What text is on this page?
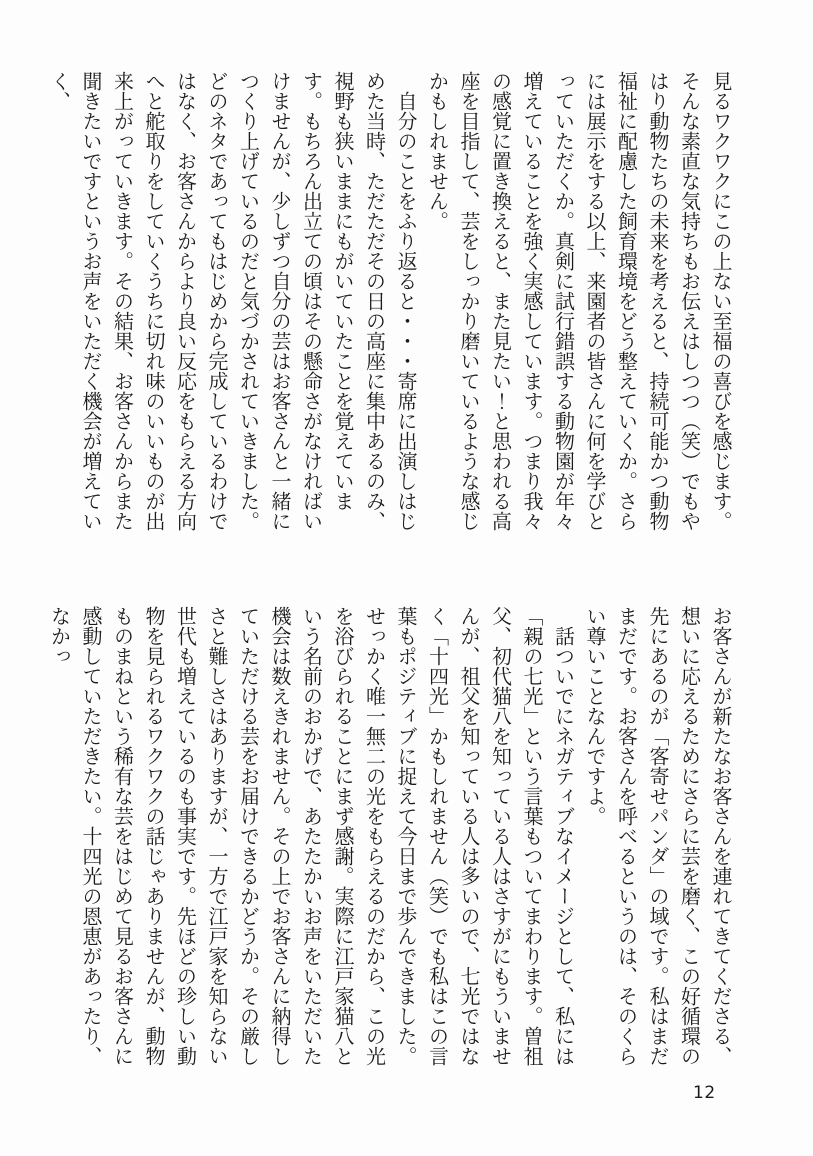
見るワクワクにこの上ない至福の喜びを感じます。そんな素直な気持ちもお伝えはしつつ（笑）でもやはり動物たちの未来を考えると、持続可能かつ動物福祉に配慮した飼育環境をどう整えていくか。さらには展示をする以上、来園者の皆さんに何を学びとっていただくか。真剣に試行錯誤する動物園が年々増えていることを強く実感しています。つまり我々の感覚に置き換えると、また見たい！と思われる高座を目指して、芸をしっかり磨いているような感じかもしれません。

　自分のことをふり返ると・・・寄席に出演しはじめた当時、ただただその日の高座に集中あるのみ、視野も狭いままにもがいていたことを覚えています。もちろん出立ての頃はその懸命さがなければいけませんが、少しずつ自分の芸はお客さんと一緒につくり上げているのだと気づかされていきました。どのネタであってもはじめから完成しているわけではなく、お客さんからより良い反応をもらえる方向へと舵取りをしていくうちに切れ味のいいものが出来上がっていきます。その結果、お客さんからまた聞きたいですというお声をいただく機会が増えていく、

お客さんが新たなお客さんを連れてきてくださる、想いに応えるためにさらに芸を磨く、この好循環の先にあるのが「客寄せパンダ」の域です。私はまだまだです。お客さんを呼べるというのは、そのくらい尊いことなんですよ。

　話ついでにネガティブなイメージとして、私には「親の七光」という言葉もついてまわります。曽祖父、初代猫八を知っている人はさすがにもういませんが、祖父を知っている人は多いので、七光ではなく「十四光」かもしれません（笑）でも私はこの言葉もポジティブに捉えて今日まで歩んできました。せっかく唯一無二の光をもらえるのだから、この光を浴びられることにまず感謝。実際に江戸家猫八という名前のおかげで、あたたかいお声をいただいた機会は数えきれません。その上でお客さんに納得していただける芸をお届けできるかどうか。その厳しさと難しさはありますが、一方で江戸家を知らない世代も増えているのも事実です。先ほどの珍しい動物を見られるワクワクの話じゃありませんが、動物ものまねという稀有な芸をはじめて見るお客さんに感動していただきたい。十四光の恩恵があったり、なかっ

12
